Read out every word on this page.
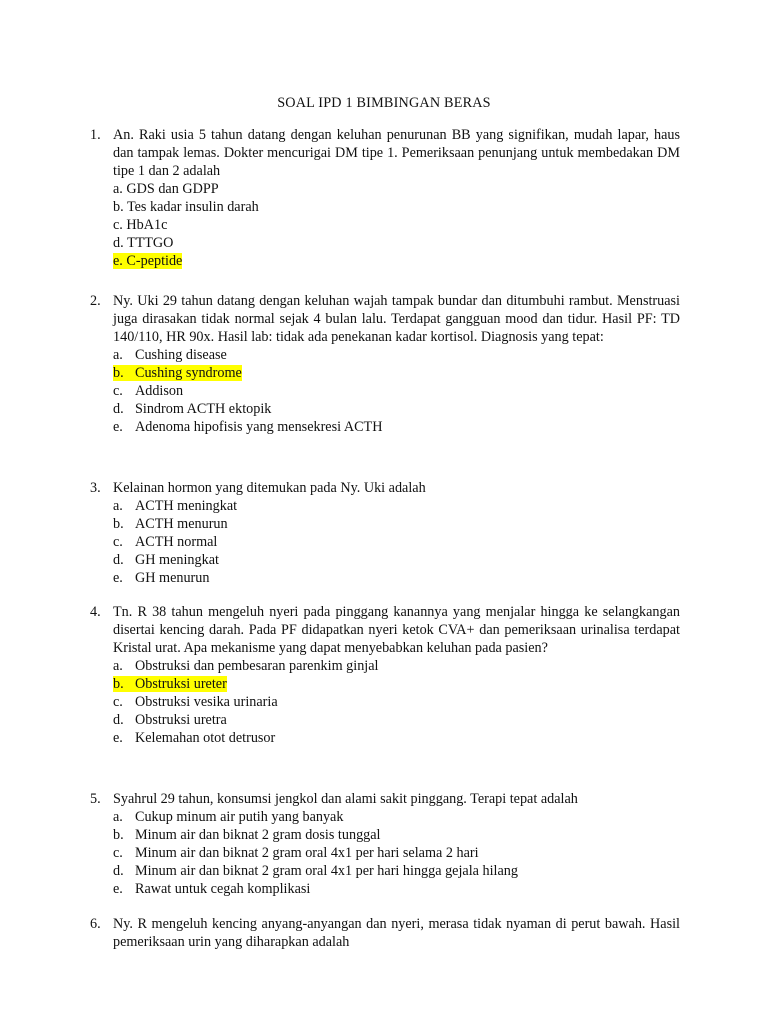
SOAL IPD 1 BIMBINGAN BERAS
1. An. Raki usia 5 tahun datang dengan keluhan penurunan BB yang signifikan, mudah lapar, haus dan tampak lemas. Dokter mencurigai DM tipe 1. Pemeriksaan penunjang untuk membedakan DM tipe 1 dan 2 adalah
a. GDS dan GDPP
b. Tes kadar insulin darah
c. HbA1c
d. TTTGO
e. C-peptide
2. Ny. Uki 29 tahun datang dengan keluhan wajah tampak bundar dan ditumbuhi rambut. Menstruasi juga dirasakan tidak normal sejak 4 bulan lalu. Terdapat gangguan mood dan tidur. Hasil PF: TD 140/110, HR 90x. Hasil lab: tidak ada penekanan kadar kortisol. Diagnosis yang tepat:
a. Cushing disease
b. Cushing syndrome
c. Addison
d. Sindrom ACTH ektopik
e. Adenoma hipofisis yang mensekresi ACTH
3. Kelainan hormon yang ditemukan pada Ny. Uki adalah
a. ACTH meningkat
b. ACTH menurun
c. ACTH normal
d. GH meningkat
e. GH menurun
4. Tn. R 38 tahun mengeluh nyeri pada pinggang kanannya yang menjalar hingga ke selangkangan disertai kencing darah. Pada PF didapatkan nyeri ketok CVA+ dan pemeriksaan urinalisa terdapat Kristal urat. Apa mekanisme yang dapat menyebabkan keluhan pada pasien?
a. Obstruksi dan pembesaran parenkim ginjal
b. Obstruksi ureter
c. Obstruksi vesika urinaria
d. Obstruksi uretra
e. Kelemahan otot detrusor
5. Syahrul 29 tahun, konsumsi jengkol dan alami sakit pinggang. Terapi tepat adalah
a. Cukup minum air putih yang banyak
b. Minum air dan biknat 2 gram dosis tunggal
c. Minum air dan biknat 2 gram oral 4x1 per hari selama 2 hari
d. Minum air dan biknat 2 gram oral 4x1 per hari hingga gejala hilang
e. Rawat untuk cegah komplikasi
6. Ny. R mengeluh kencing anyang-anyangan dan nyeri, merasa tidak nyaman di perut bawah. Hasil pemeriksaan urin yang diharapkan adalah
